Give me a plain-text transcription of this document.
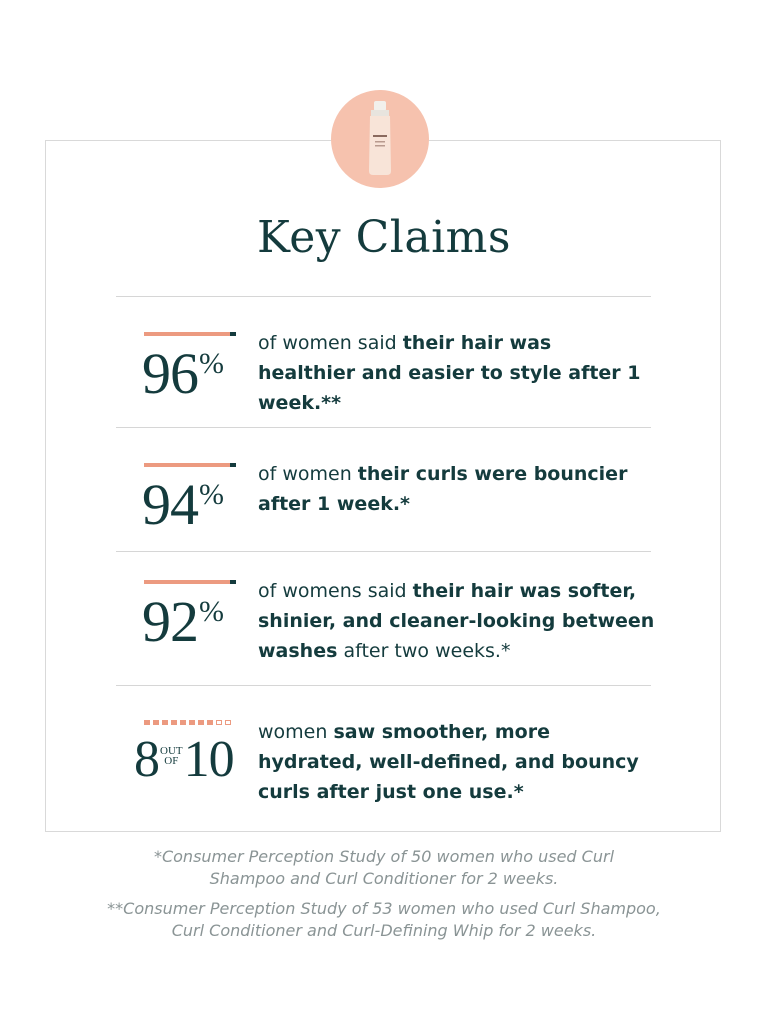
Key Claims
96%
of women said their hair was healthier and easier to style after 1 week.**
94%
of women their curls were bouncier after 1 week.*
92%
of womens said their hair was softer, shinier, and cleaner-looking between washes after two weeks.*
8OUT
OF 10 women saw smoother, more hydrated, well-defined, and bouncy curls after just one use.*

*Consumer Perception Study of 50 women who used Curl Shampoo and Curl Conditioner for 2 weeks.

**Consumer Perception Study of 53 women who used Curl Shampoo, Curl Conditioner and Curl-Defining Whip for 2 weeks.
